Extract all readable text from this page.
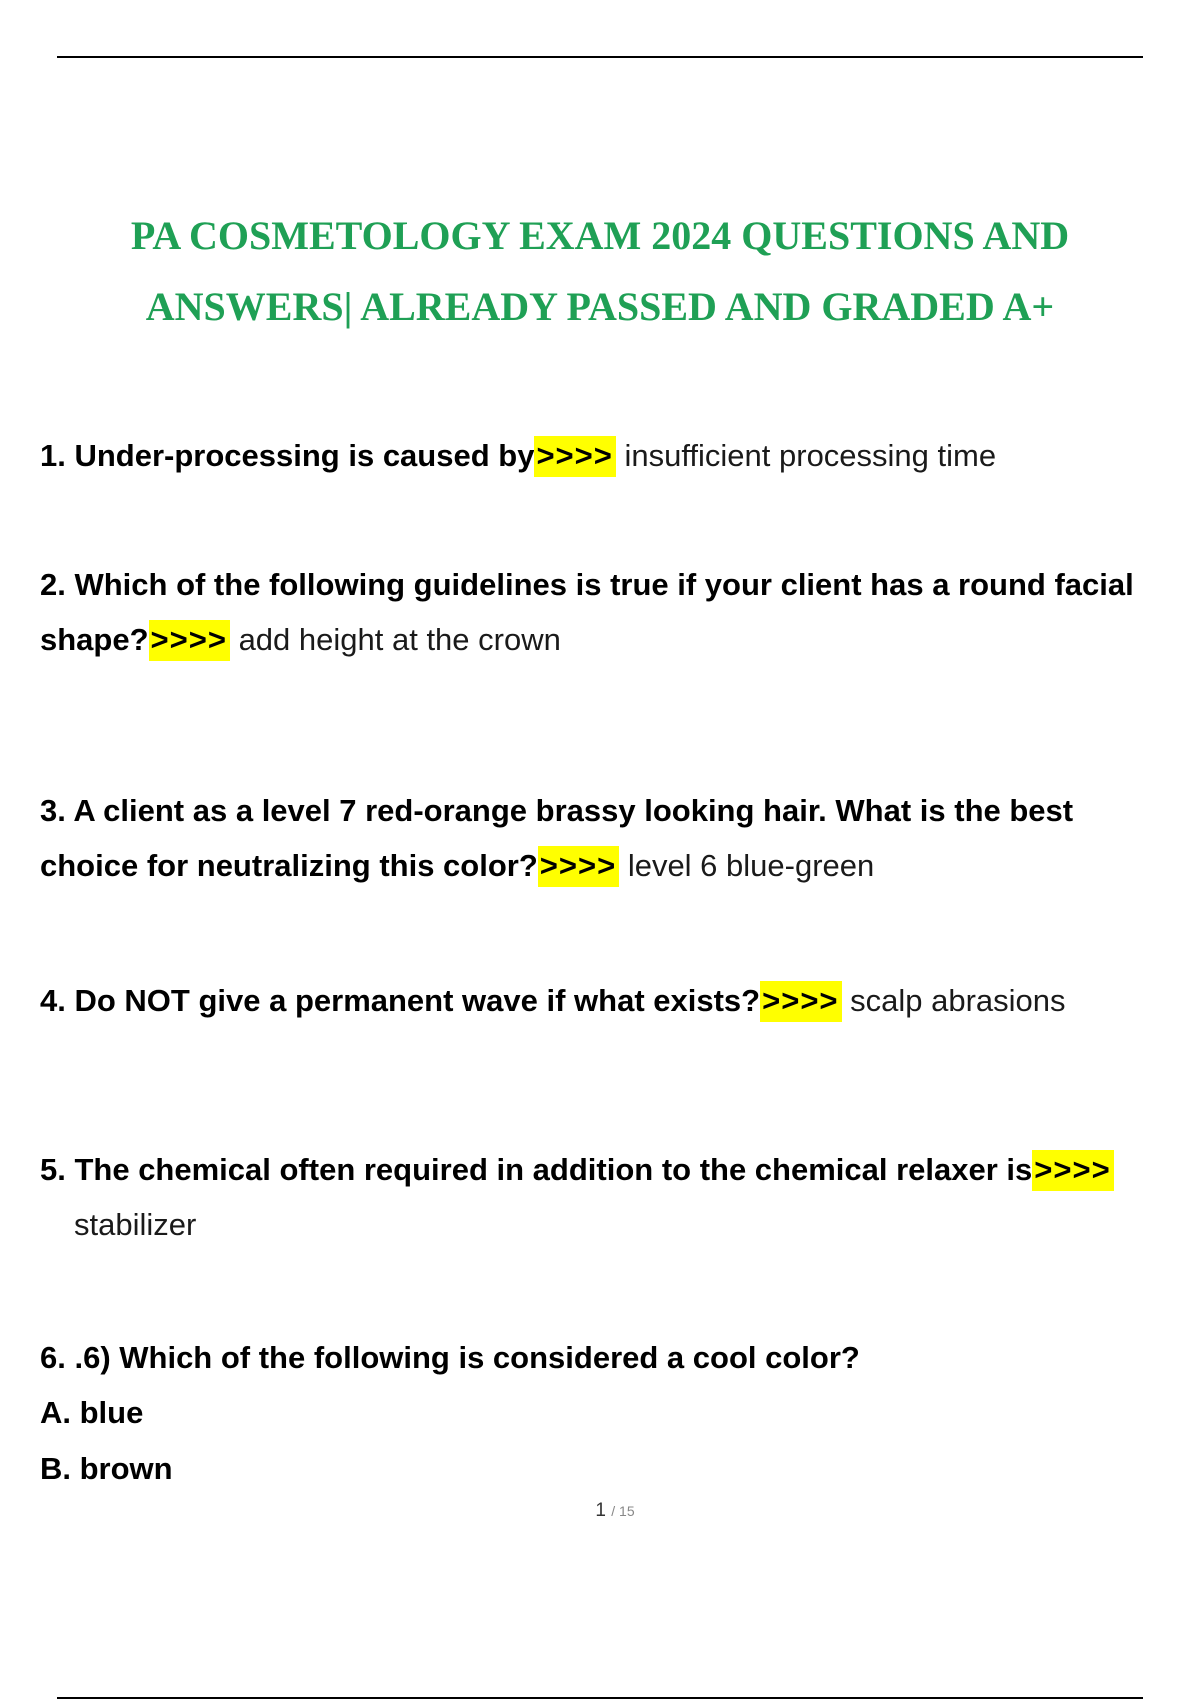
PA COSMETOLOGY EXAM 2024 QUESTIONS AND
ANSWERS| ALREADY PASSED AND GRADED A+
1. Under-processing is caused by>>>> insufficient processing time
2. Which of the following guidelines is true if your client has a round facial shape?>>>> add height at the crown
3. A client as a level 7 red-orange brassy looking hair. What is the best choice for neutralizing this color?>>>> level 6 blue-green
4. Do NOT give a permanent wave if what exists?>>>> scalp abrasions
5. The chemical often required in addition to the chemical relaxer is>>>>
stabilizer
6. .6) Which of the following is considered a cool color?
A. blue
B. brown
1 / 15
